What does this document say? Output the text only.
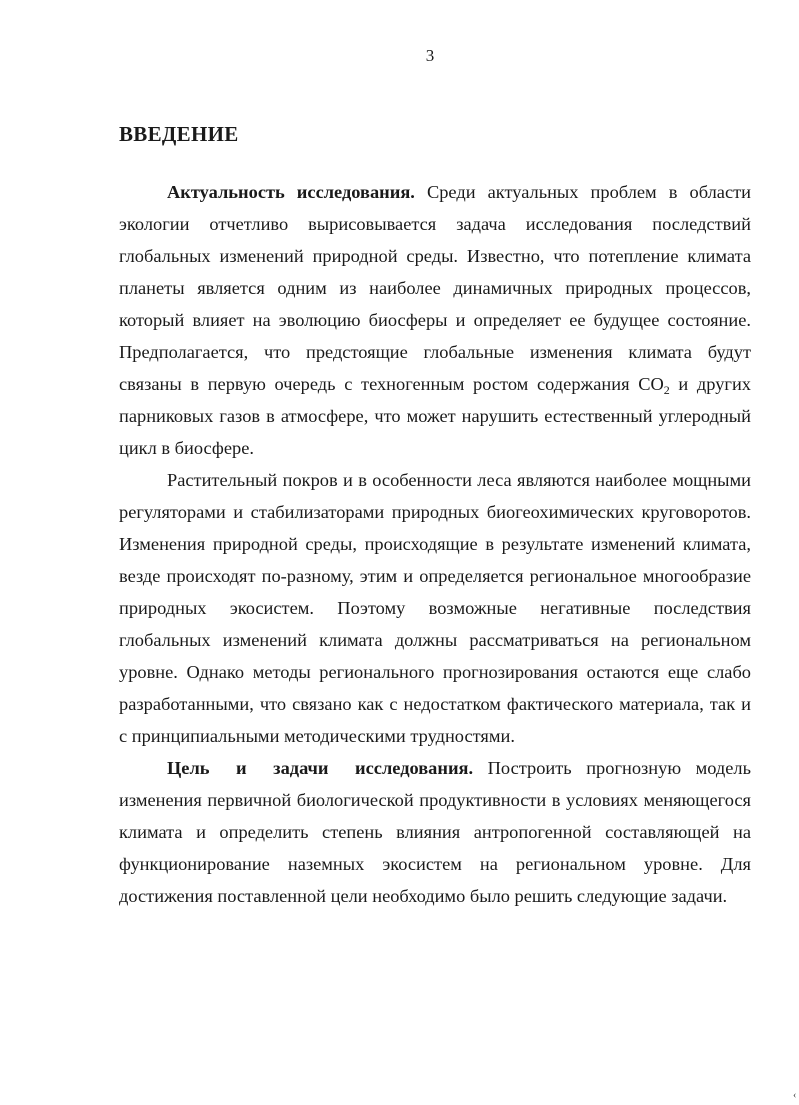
3
ВВЕДЕНИЕ

Актуальность исследования. Среди актуальных проблем в области экологии отчетливо вырисовывается задача исследования последствий глобальных изменений природной среды. Известно, что потепление климата планеты является одним из наиболее динамичных природных процессов, который влияет на эволюцию биосферы и определяет ее будущее состояние. Предполагается, что предстоящие глобальные изменения климата будут связаны в первую очередь с техногенным ростом содержания $CO_2$ и других парниковых газов в атмосфере, что может нарушить естественный углеродный цикл в биосфере.

Растительный покров и в особенности леса являются наиболее мощными регуляторами и стабилизаторами природных биогеохимических круговоротов. Изменения природной среды, происходящие в результате изменений климата, везде происходят по-разному, этим и определяется региональное многообразие природных экосистем. Поэтому возможные негативные последствия глобальных изменений климата должны рассматриваться на региональном уровне. Однако методы регионального прогнозирования остаются еще слабо разработанными, что связано как с недостатком фактического материала, так и с принципиальными методическими трудностями.

Цель и задачи исследования. Построить прогнозную модель изменения первичной биологической продуктивности в условиях меняющегося климата и определить степень влияния антропогенной составляющей на функционирование наземных экосистем на региональном уровне. Для достижения поставленной цели необходимо было решить следующие задачи.

‹
